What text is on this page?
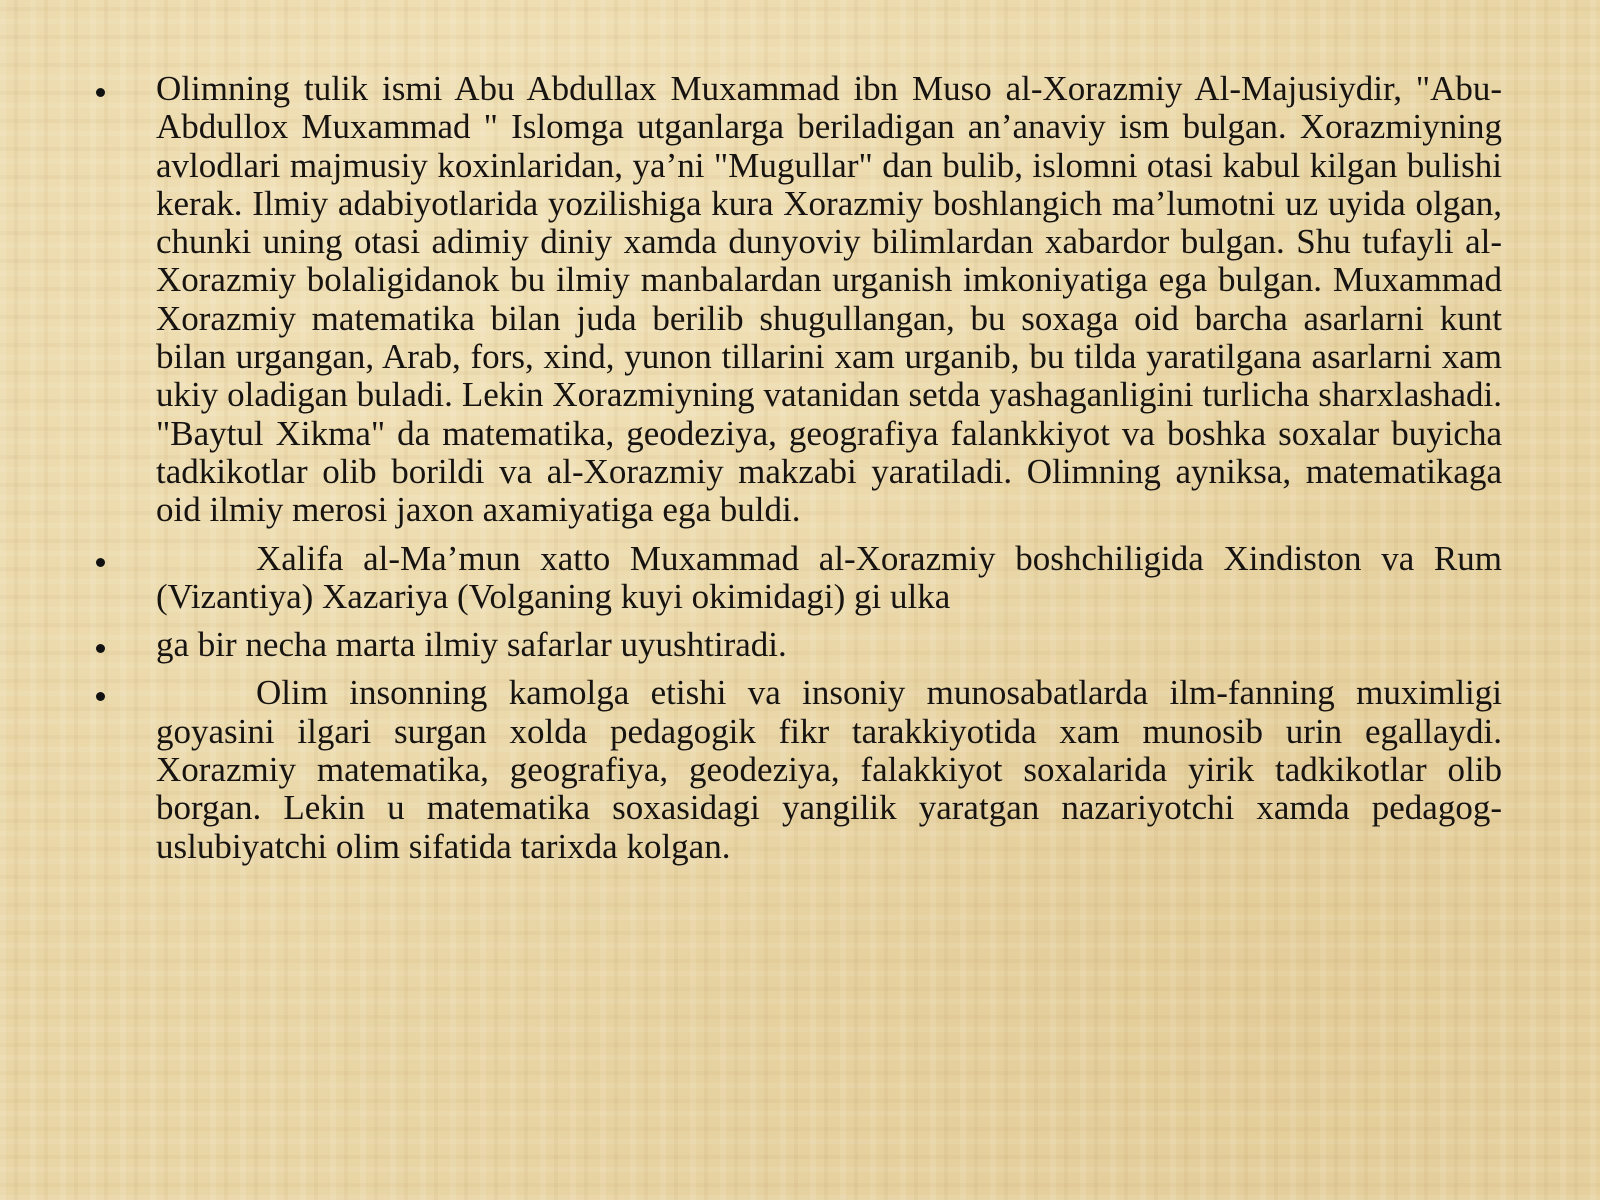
Olimning tulik ismi Abu Abdullax Muxammad ibn Muso al-Xorazmiy Al-Majusiydir, "Abu-Abdullox Muxammad " Islomga utganlarga beriladigan an’anaviy ism bulgan. Xorazmiyning avlodlari majmusiy koxinlaridan, ya’ni "Mugullar" dan bulib, islomni otasi kabul kilgan bulishi kerak. Ilmiy adabiyotlarida yozilishiga kura Xorazmiy boshlangich ma’lumotni uz uyida olgan, chunki uning otasi adimiy diniy xamda dunyoviy bilimlardan xabardor bulgan. Shu tufayli al-Xorazmiy bolaligidanok bu ilmiy manbalardan urganish imkoniyatiga ega bulgan. Muxammad Xorazmiy matematika bilan juda berilib shugullangan, bu soxaga oid barcha asarlarni kunt bilan urgangan, Arab, fors, xind, yunon tillarini xam urganib, bu tilda yaratilgana asarlarni xam ukiy oladigan buladi. Lekin Xorazmiyning vatanidan setda yashaganligini turlicha sharxlashadi. "Baytul Xikma" da matematika, geodeziya, geografiya falankkiyot va boshka soxalar buyicha tadkikotlar olib borildi va al-Xorazmiy makzabi yaratiladi. Olimning ayniksa, matematikaga oid ilmiy merosi jaxon axamiyatiga ega buldi.
Xalifa al-Ma’mun xatto Muxammad al-Xorazmiy boshchiligida Xindiston va Rum (Vizantiya) Xazariya (Volganing kuyi okimidagi) gi ulka
ga bir necha marta ilmiy safarlar uyushtiradi.
Olim insonning kamolga etishi va insoniy munosabatlarda ilm-fanning muximligi goyasini ilgari surgan xolda pedagogik fikr tarakkiyotida xam munosib urin egallaydi. Xorazmiy matematika, geografiya, geodeziya, falakkiyot soxalarida yirik tadkikotlar olib borgan. Lekin u matematika soxasidagi yangilik yaratgan nazariyotchi xamda pedagog-uslubiyatchi olim sifatida tarixda kolgan.
